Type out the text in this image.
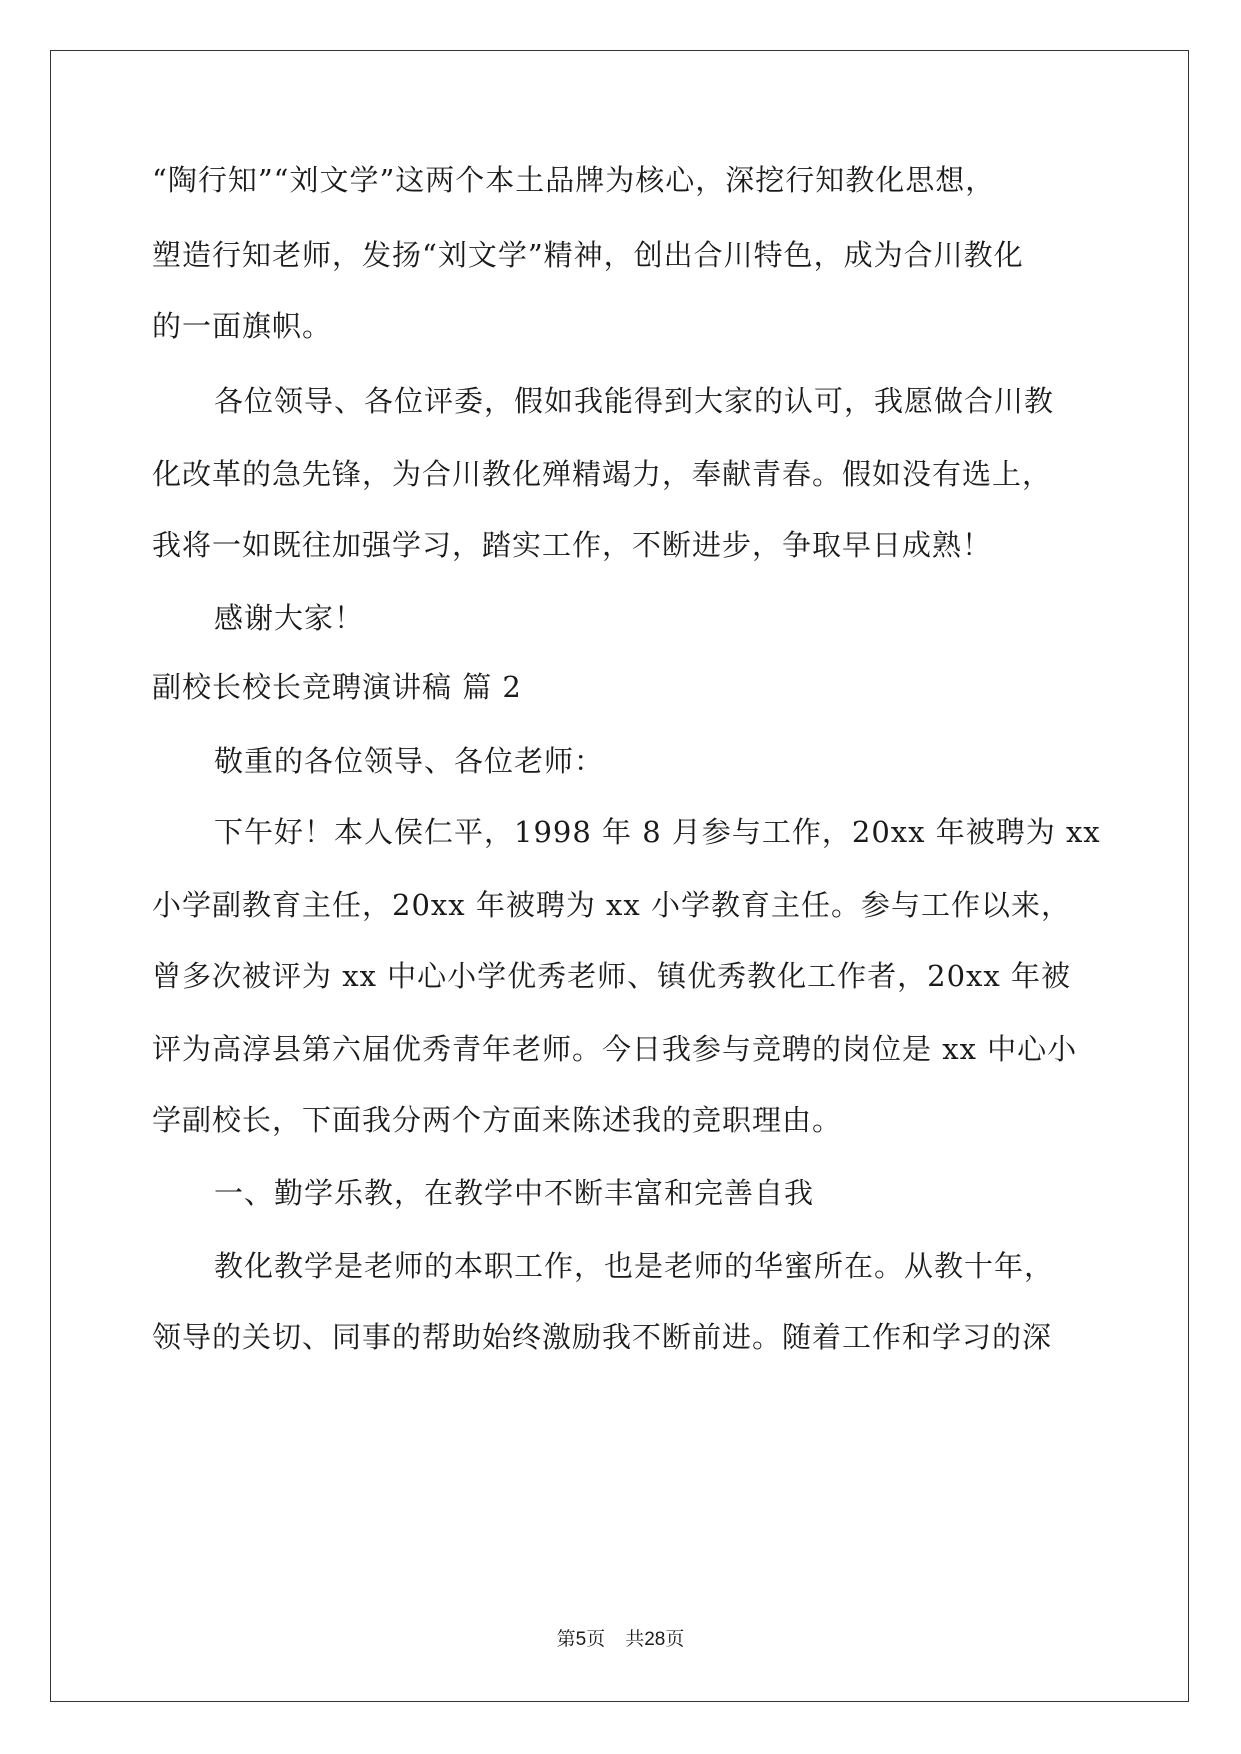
“陶行知”“刘文学”这两个本土品牌为核心，深挖行知教化思想，
塑造行知老师，发扬“刘文学”精神，创出合川特色，成为合川教化
的一面旗帜。
各位领导、各位评委，假如我能得到大家的认可，我愿做合川教
化改革的急先锋，为合川教化殚精竭力，奉献青春。假如没有选上，
我将一如既往加强学习，踏实工作，不断进步，争取早日成熟！
感谢大家！
副校长校长竞聘演讲稿 篇 2
敬重的各位领导、各位老师：
下午好！本人侯仁平，1998 年 8 月参与工作，20xx 年被聘为 xx
小学副教育主任，20xx 年被聘为 xx 小学教育主任。参与工作以来，
曾多次被评为 xx 中心小学优秀老师、镇优秀教化工作者，20xx 年被
评为高淳县第六届优秀青年老师。今日我参与竞聘的岗位是 xx 中心小
学副校长，下面我分两个方面来陈述我的竞职理由。
一、勤学乐教，在教学中不断丰富和完善自我
教化教学是老师的本职工作，也是老师的华蜜所在。从教十年，
领导的关切、同事的帮助始终激励我不断前进。随着工作和学习的深
第5页 共28页
